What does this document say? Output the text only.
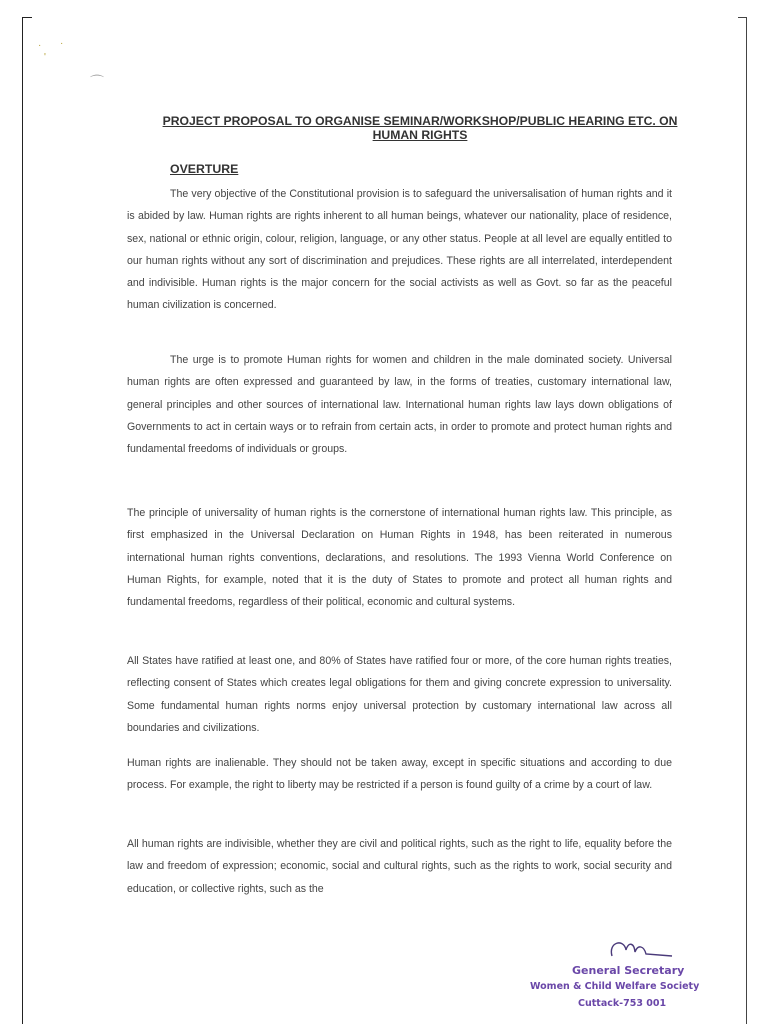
·
'
·
⌒
PROJECT PROPOSAL TO ORGANISE SEMINAR/WORKSHOP/PUBLIC HEARING ETC. ON HUMAN RIGHTS
OVERTURE

The very objective of the Constitutional provision is to safeguard the universalisation of human rights and it is abided by law. Human rights are rights inherent to all human beings, whatever our nationality, place of residence, sex, national or ethnic origin, colour, religion, language, or any other status. People at all level are equally entitled to our human rights without any sort of discrimination and prejudices. These rights are all interrelated, interdependent and indivisible. Human rights is the major concern for the social activists as well as Govt. so far as the peaceful human civilization is concerned.

The urge is to promote Human rights for women and children in the male dominated society. Universal human rights are often expressed and guaranteed by law, in the forms of treaties, customary international law, general principles and other sources of international law. International human rights law lays down obligations of Governments to act in certain ways or to refrain from certain acts, in order to promote and protect human rights and fundamental freedoms of individuals or groups.

The principle of universality of human rights is the cornerstone of international human rights law. This principle, as first emphasized in the Universal Declaration on Human Rights in 1948, has been reiterated in numerous international human rights conventions, declarations, and resolutions. The 1993 Vienna World Conference on Human Rights, for example, noted that it is the duty of States to promote and protect all human rights and fundamental freedoms, regardless of their political, economic and cultural systems.

All States have ratified at least one, and 80% of States have ratified four or more, of the core human rights treaties, reflecting consent of States which creates legal obligations for them and giving concrete expression to universality. Some fundamental human rights norms enjoy universal protection by customary international law across all boundaries and civilizations.

Human rights are inalienable. They should not be taken away, except in specific situations and according to due process. For example, the right to liberty may be restricted if a person is found guilty of a crime by a court of law.

All human rights are indivisible, whether they are civil and political rights, such as the right to life, equality before the law and freedom of expression; economic, social and cultural rights, such as the rights to work, social security and education, or collective rights, such as the

General Secretary
Women & Child Welfare Society
Cuttack-753 001
